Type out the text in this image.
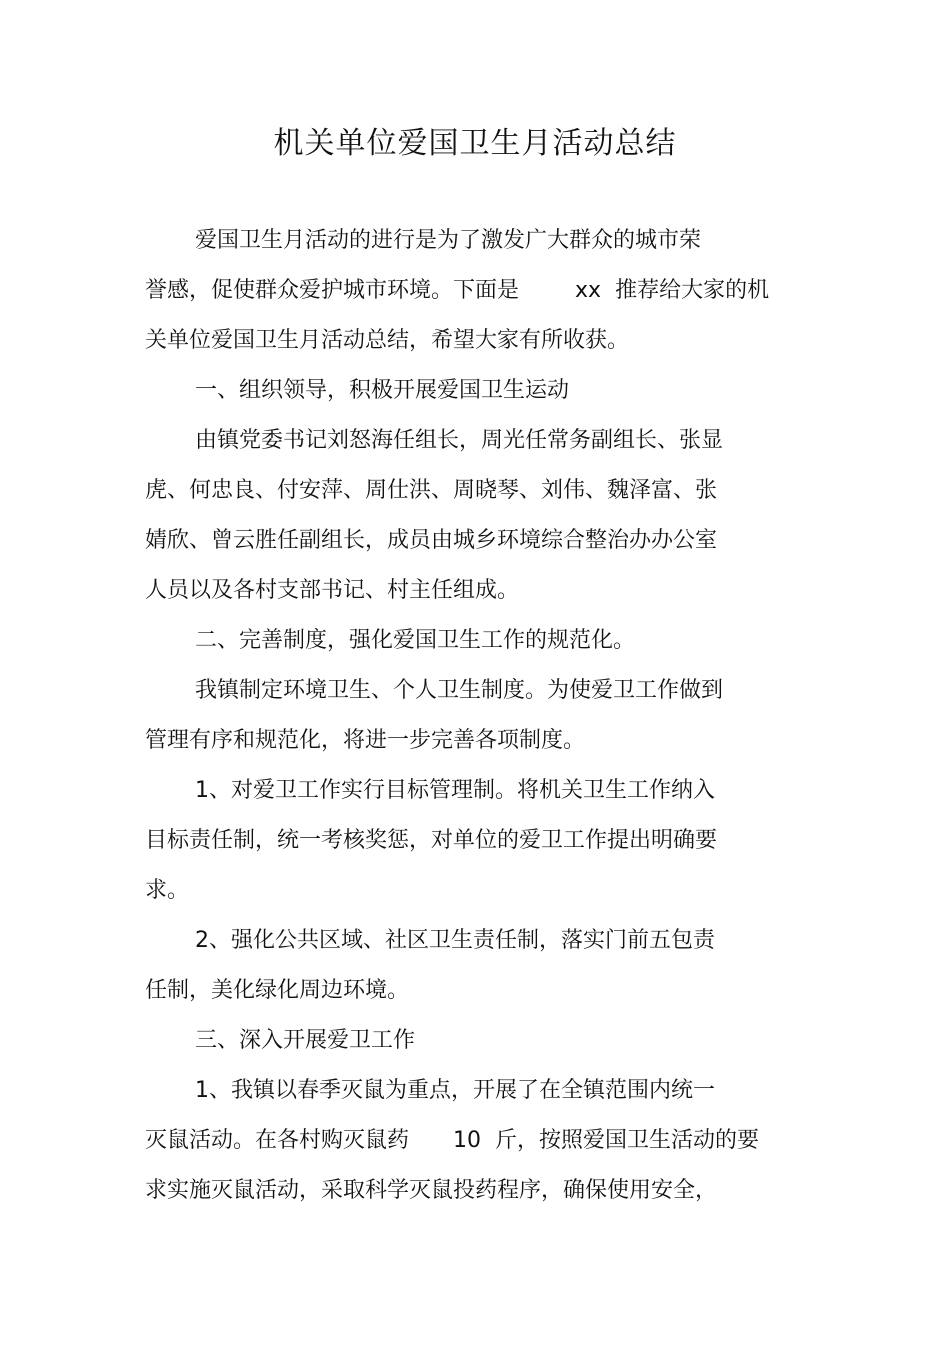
机关单位爱国卫生月活动总结
爱国卫生月活动的进行是为了激发广大群众的城市荣
誉感，促使群众爱护城市环境。下面是	xx 推荐给大家的机
关单位爱国卫生月活动总结，希望大家有所收获。
一、组织领导，积极开展爱国卫生运动
由镇党委书记刘怒海任组长，周光任常务副组长、张显
虎、何忠良、付安萍、周仕洪、周晓琴、刘伟、魏泽富、张
婧欣、曾云胜任副组长，成员由城乡环境综合整治办办公室
人员以及各村支部书记、村主任组成。
二、完善制度，强化爱国卫生工作的规范化。
我镇制定环境卫生、个人卫生制度。为使爱卫工作做到
管理有序和规范化，将进一步完善各项制度。
1、对爱卫工作实行目标管理制。将机关卫生工作纳入
目标责任制，统一考核奖惩，对单位的爱卫工作提出明确要
求。
2、强化公共区域、社区卫生责任制，落实门前五包责
任制，美化绿化周边环境。
三、深入开展爱卫工作
1、我镇以春季灭鼠为重点，开展了在全镇范围内统一
灭鼠活动。在各村购灭鼠药 10 斤，按照爱国卫生活动的要
求实施灭鼠活动，采取科学灭鼠投药程序，确保使用安全，
